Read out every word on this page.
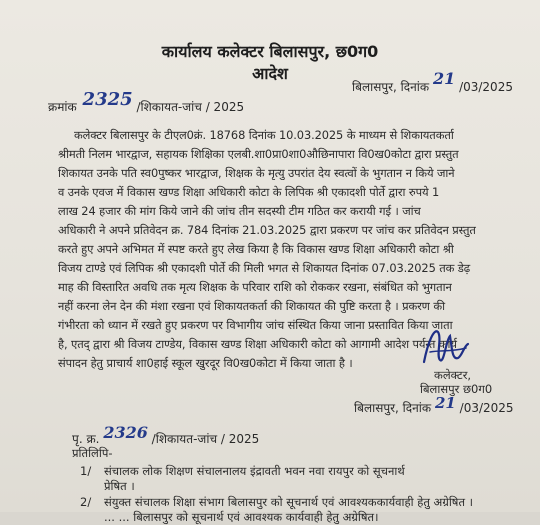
कार्यालय कलेक्टर बिलासपुर, छ0ग0
आदेश
बिलासपुर, दिनांक 21 /03/2025
क्रमांक 2325 /शिकायत-जांच / 2025
कलेक्टर बिलासपुर के टीएल0क्रं. 18768 दिनांक 10.03.2025 के माध्यम से शिकायतकर्ता
श्रीमती निलम भारद्वाज, सहायक शिक्षिका एलबी.शा0प्रा0शा0औछिनापारा वि0ख0कोटा द्वारा प्रस्तुत
शिकायत उनके पति स्व0पुष्कर भारद्वाज, शिक्षक के मृत्यु उपरांत देय स्वत्वों के भुगतान न किये जाने
व उनके एवज में विकास खण्ड शिक्षा अधिकारी कोटा के लिपिक श्री एकादशी पोर्ते द्वारा रुपये 1
लाख 24 हजार की मांग किये जाने की जांच तीन सदस्यी टीम गठित कर करायी गई । जांच
अधिकारी ने अपने प्रतिवेदन क्र. 784 दिनांक 21.03.2025 द्वारा प्रकरण पर जांच कर प्रतिवेदन प्रस्तुत
करते हुए अपने अभिमत में स्पष्ट करते हुए लेख किया है कि विकास खण्ड शिक्षा अधिकारी कोटा श्री
विजय टाण्डे एवं लिपिक श्री एकादशी पोर्ते की मिली भगत से शिकायत दिनांक 07.03.2025 तक डेढ़
माह की विस्तारित अवधि तक मृत्य शिक्षक के परिवार राशि को रोककर रखना, संबंधित को भुगतान
नहीं करना लेन देन की मंशा रखना एवं शिकायतकर्ता की शिकायत की पुष्टि करता है । प्रकरण की
गंभीरता को ध्यान में रखते हुए प्रकरण पर विभागीय जांच संस्थित किया जाना प्रस्तावित किया जाता
है, एतद् द्वारा श्री विजय टाण्डेय, विकास खण्ड शिक्षा अधिकारी कोटा को आगामी आदेश पर्यन्त कार्य
संपादन हेतु प्राचार्य शा0हाई स्कूल खुरदूर वि0ख0कोटा में किया जाता है ।
कलेक्टर,
बिलासपुर छ0ग0
बिलासपुर, दिनांक 21 /03/2025
पृ. क्र. 2326 /शिकायत-जांच / 2025
प्रतिलिपि-
1/ संचालक लोक शिक्षण संचालनालय इंद्रावती भवन नवा रायपुर को सूचनार्थ
प्रेषित ।
2/ संयुक्त संचालक शिक्षा संभाग बिलासपुर को सूचनार्थ एवं आवश्यककार्यवाही हेतु अग्रेषित ।
... ... बिलासपुर को सूचनार्थ एवं आवश्यक कार्यवाही हेतु अग्रेषित।
